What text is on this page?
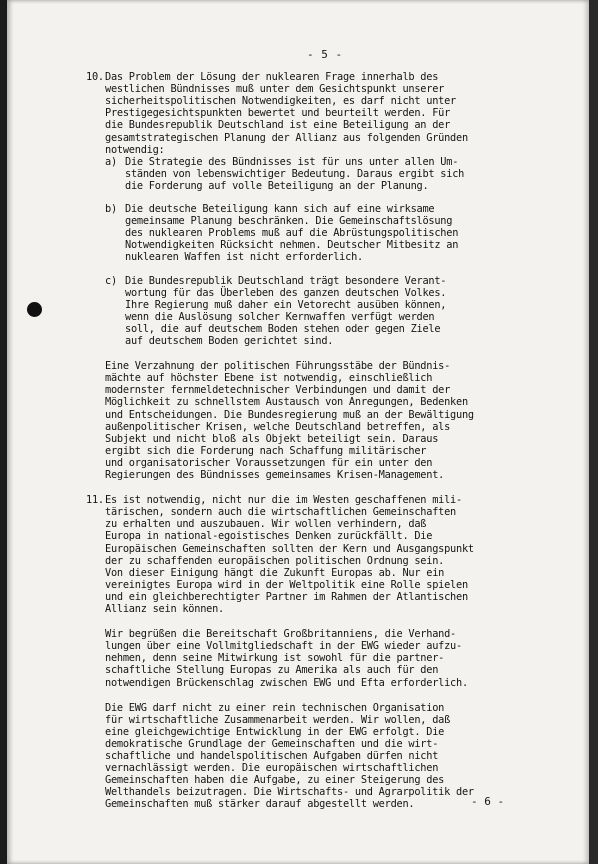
- 5 -
10. Das Problem der Lösung der nuklearen Frage innerhalb des
westlichen Bündnisses muß unter dem Gesichtspunkt unserer
sicherheitspolitischen Notwendigkeiten, es darf nicht unter
Prestigegesichtspunkten bewertet und beurteilt werden. Für
die Bundesrepublik Deutschland ist eine Beteiligung an der
gesamtstrategischen Planung der Allianz aus folgenden Gründen
notwendig:
a) Die Strategie des Bündnisses ist für uns unter allen Um-
ständen von lebenswichtiger Bedeutung. Daraus ergibt sich
die Forderung auf volle Beteiligung an der Planung.
b) Die deutsche Beteiligung kann sich auf eine wirksame
gemeinsame Planung beschränken. Die Gemeinschaftslösung
des nuklearen Problems muß auf die Abrüstungspolitischen
Notwendigkeiten Rücksicht nehmen. Deutscher Mitbesitz an
nuklearen Waffen ist nicht erforderlich.
c) Die Bundesrepublik Deutschland trägt besondere Verant-
wortung für das Überleben des ganzen deutschen Volkes.
Ihre Regierung muß daher ein Vetorecht ausüben können,
wenn die Auslösung solcher Kernwaffen verfügt werden
soll, die auf deutschem Boden stehen oder gegen Ziele
auf deutschem Boden gerichtet sind.
Eine Verzahnung der politischen Führungsstäbe der Bündnis-
mächte auf höchster Ebene ist notwendig, einschließlich
modernster fernmeldetechnischer Verbindungen und damit der
Möglichkeit zu schnellstem Austausch von Anregungen, Bedenken
und Entscheidungen. Die Bundesregierung muß an der Bewältigung
außenpolitischer Krisen, welche Deutschland betreffen, als
Subjekt und nicht bloß als Objekt beteiligt sein. Daraus
ergibt sich die Forderung nach Schaffung militärischer
und organisatorischer Voraussetzungen für ein unter den
Regierungen des Bündnisses gemeinsames Krisen-Management.
11. Es ist notwendig, nicht nur die im Westen geschaffenen mili-
tärischen, sondern auch die wirtschaftlichen Gemeinschaften
zu erhalten und auszubauen. Wir wollen verhindern, daß
Europa in national-egoistisches Denken zurückfällt. Die
Europäischen Gemeinschaften sollten der Kern und Ausgangspunkt
der zu schaffenden europäischen politischen Ordnung sein.
Von dieser Einigung hängt die Zukunft Europas ab. Nur ein
vereinigtes Europa wird in der Weltpolitik eine Rolle spielen
und ein gleichberechtigter Partner im Rahmen der Atlantischen
Allianz sein können.
Wir begrüßen die Bereitschaft Großbritanniens, die Verhand-
lungen über eine Vollmitgliedschaft in der EWG wieder aufzu-
nehmen, denn seine Mitwirkung ist sowohl für die partner-
schaftliche Stellung Europas zu Amerika als auch für den
notwendigen Brückenschlag zwischen EWG und Efta erforderlich.
Die EWG darf nicht zu einer rein technischen Organisation
für wirtschaftliche Zusammenarbeit werden. Wir wollen, daß
eine gleichgewichtige Entwicklung in der EWG erfolgt. Die
demokratische Grundlage der Gemeinschaften und die wirt-
schaftliche und handelspolitischen Aufgaben dürfen nicht
vernachlässigt werden. Die europäischen wirtschaftlichen
Gemeinschaften haben die Aufgabe, zu einer Steigerung des
Welthandels beizutragen. Die Wirtschafts- und Agrarpolitik der
Gemeinschaften muß stärker darauf abgestellt werden.	- 6 -
